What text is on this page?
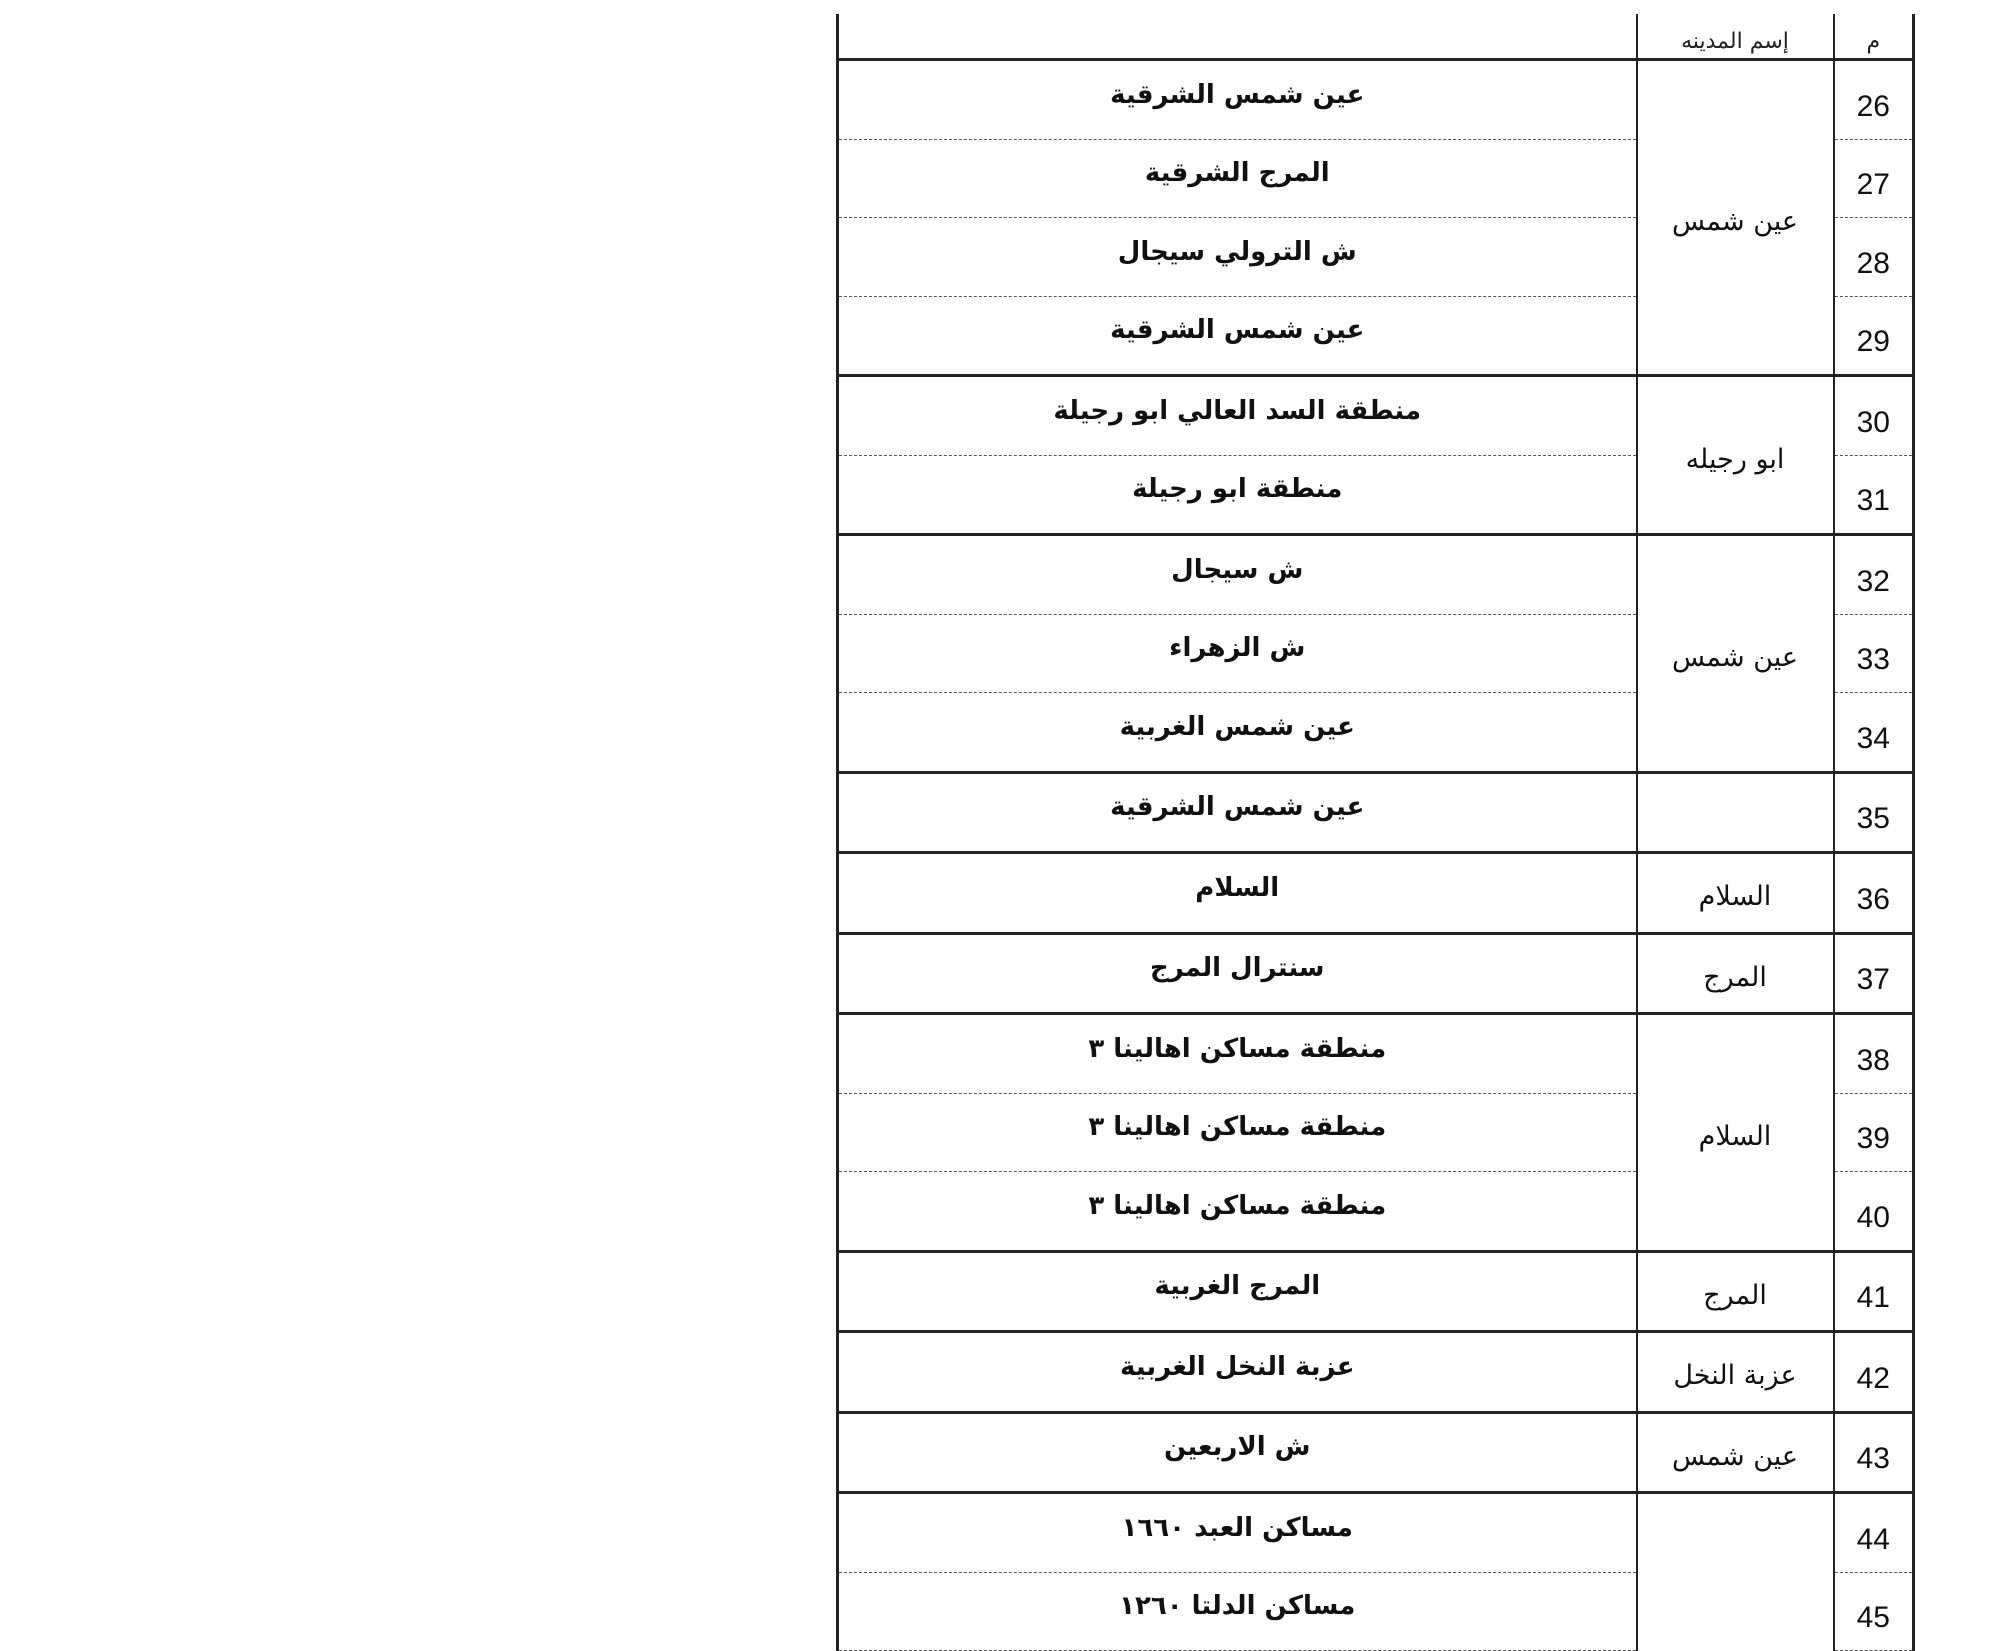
م	إسم المدينه	
26	عين شمس	عين شمس الشرقية
27		المرج الشرقية
28		ش الترولي سيجال
29		عين شمس الشرقية
30	ابو رجيله	منطقة السد العالي ابو رجيلة
31		منطقة ابو رجيلة
32	عين شمس	ش سيجال
33		ش الزهراء
34		عين شمس الغربية
35		عين شمس الشرقية
36	السلام	السلام
37	المرج	سنترال المرج
38	السلام	منطقة مساكن اهالينا ٣
39		منطقة مساكن اهالينا ٣
40		منطقة مساكن اهالينا ٣
41	المرج	المرج الغربية
42	عزبة النخل	عزبة النخل الغربية
43	عين شمس	ش الاربعين
44		مساكن العبد ١٦٦٠
45		مساكن الدلتا ١٢٦٠
